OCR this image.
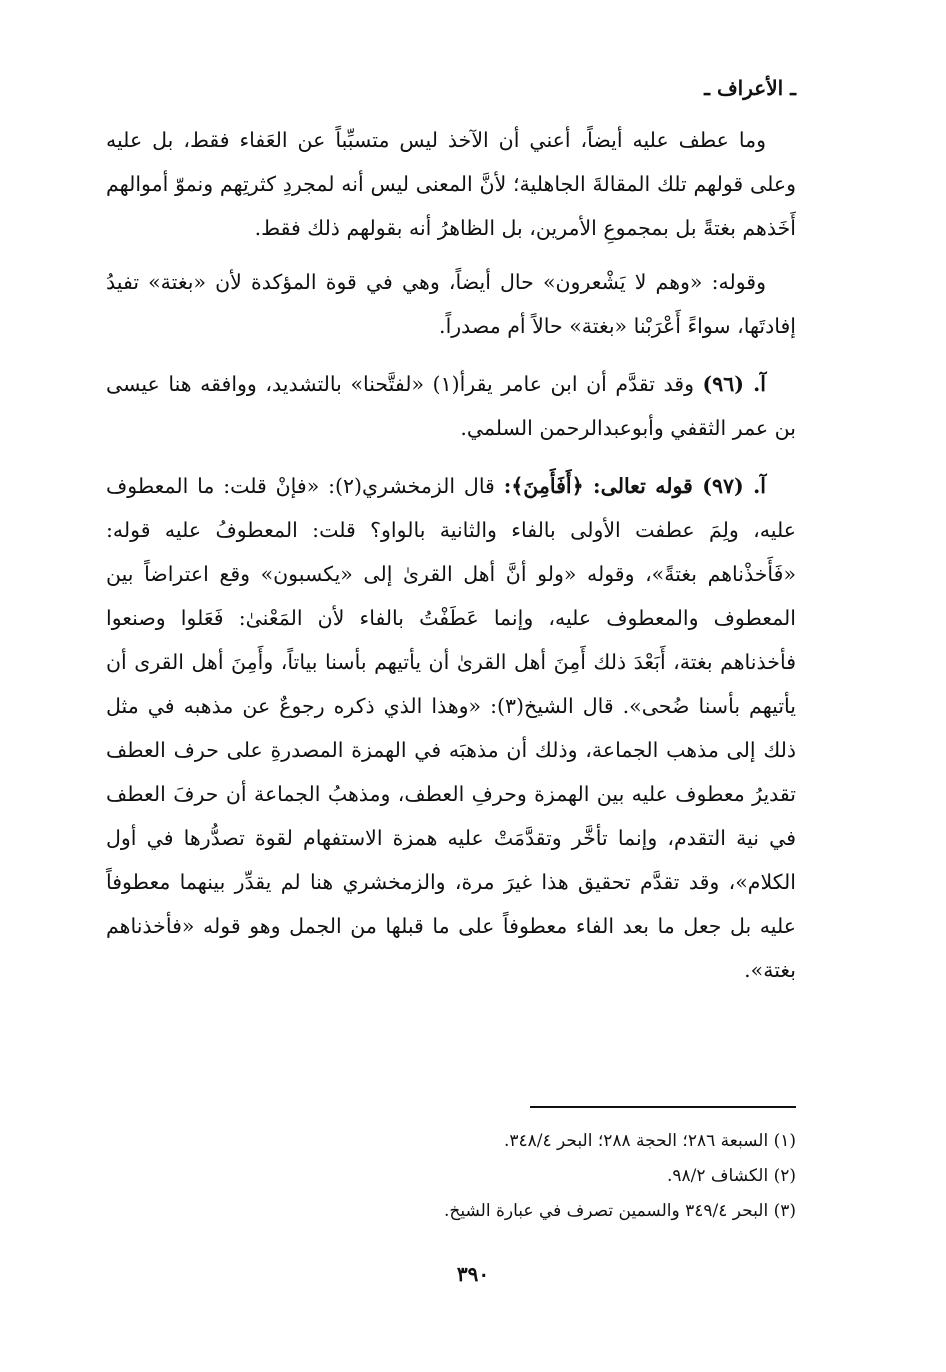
ـ الأعراف ـ

وما عطف عليه أيضاً، أعني أن الآخذ ليس متسبِّباً عن العَفاء فقط، بل عليه وعلى قولهم تلك المقالةَ الجاهلية؛ لأنَّ المعنى ليس أنه لمجردِ كثرتِهم ونموّ أموالهم أَخَذهم بغتةً بل بمجموعِ الأمرين، بل الظاهرُ أنه بقولهم ذلك فقط.

وقوله: «وهم لا يَشْعرون» حال أيضاً، وهي في قوة المؤكدة لأن «بغتة» تفيدُ إفادتَها، سواءً أَعْرَبْنا «بغتة» حالاً أم مصدراً.

آ. (٩٦) وقد تقدَّم أن ابن عامر يقرأ(١) «لفتَّحنا» بالتشديد، ووافقه هنا عيسى بن عمر الثقفي وأبوعبدالرحمن السلمي.

آ. (٩٧) قوله تعالى: ﴿أَفَأَمِنَ﴾: قال الزمخشري(٢): «فإنْ قلت: ما المعطوف عليه، ولِمَ عطفت الأولى بالفاء والثانية بالواو؟ قلت: المعطوفُ عليه قوله: «فَأَخذْناهم بغتةً»، وقوله «ولو أنَّ أهل القرىٰ إلى «يكسبون» وقع اعتراضاً بين المعطوف والمعطوف عليه، وإنما عَطَفْتُ بالفاء لأن المَعْنىٰ: فَعَلوا وصنعوا فأخذناهم بغتة، أَبَعْدَ ذلك أَمِنَ أهل القرىٰ أن يأتيهم بأسنا بياتاً، وأَمِنَ أهل القرى أن يأتيهم بأسنا ضُحى». قال الشيخ(٣): «وهذا الذي ذكره رجوعٌ عن مذهبه في مثل ذلك إلى مذهب الجماعة، وذلك أن مذهبَه في الهمزة المصدرةِ على حرف العطف تقديرُ معطوف عليه بين الهمزة وحرفِ العطف، ومذهبُ الجماعة أن حرفَ العطف في نية التقدم، وإنما تأخَّر وتقدَّمَتْ عليه همزة الاستفهام لقوة تصدُّرها في أول الكلام»، وقد تقدَّم تحقيق هذا غيرَ مرة، والزمخشري هنا لم يقدِّر بينهما معطوفاً عليه بل جعل ما بعد الفاء معطوفاً على ما قبلها من الجمل وهو قوله «فأخذناهم بغتة».

(١) السبعة ٢٨٦؛ الحجة ٢٨٨؛ البحر ٣٤٨/٤.
(٢) الكشاف ٩٨/٢.
(٣) البحر ٣٤٩/٤ والسمين تصرف في عبارة الشيخ.
٣٩٠
